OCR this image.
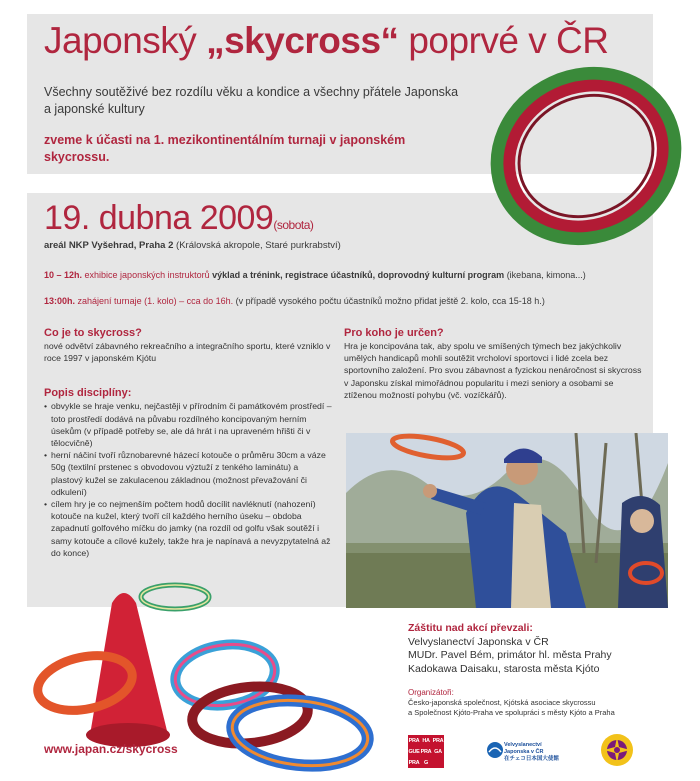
Japonský „skycross“ poprvé v ČR

Všechny soutěživé bez rozdílu věku a kondice a všechny přátele Japonska a japonské kultury

zveme k účasti na 1. mezikontinentálním turnaji v japonském skycrossu.

19. dubna 2009(sobota)
areál NKP Vyšehrad, Praha 2 (Královská akropole, Staré purkrabství)
10 – 12h. exhibice japonských instruktorů výklad a trénink, registrace účastníků, doprovodný kulturní program (ikebana, kimona...)
13:00h. zahájení turnaje (1. kolo) – cca do 16h. (v případě vysokého počtu účastníků možno přidat ještě 2. kolo, cca 15-18 h.)
Co je to skycross?

nové odvětví zábavného rekreačního a integračního sportu, které vzniklo v roce 1997 v japonském Kjótu

Popis disciplíny:
• obvykle se hraje venku, nejčastěji v přírodním či památkovém prostředí – toto prostředí dodává na půvabu rozdílného koncipovaným herním úsekům (v případě potřeby se, ale dá hrát i na upraveném hřišti či v tělocvičně)
• herní náčiní tvoří různobarevné házecí kotouče o průměru 30cm a váze 50g (textilní prstenec s obvodovou výztuží z tenkého laminátu) a plastový kužel se zakulacenou základnou (možnost převažování či odkulení)
• cílem hry je co nejmenším počtem hodů docílit navléknutí (nahození) kotouče na kužel, který tvoří cíl každého herního úseku – obdoba zapadnutí golfového míčku do jamky (na rozdíl od golfu však soutěží i samy kotouče a cílové kužely, takže hra je napínavá a nevyzpytatelná až do konce)
Pro koho je určen?

Hra je koncipována tak, aby spolu ve smíšených týmech bez jakýchkoliv umělých handicapů mohli soutěžit vrcholoví sportovci i lidé zcela bez sportovního založení. Pro svou zábavnost a fyzickou nenáročnost si skycross v Japonsku získal mimořádnou popularitu i mezi seniory a osobami se ztíženou možností pohybu (vč. vozíčkářů).

www.japan.cz/skycross
Záštitu nad akcí převzali:
Velvyslanectví Japonska v ČR
MUDr. Pavel Bém, primátor hl. města Prahy
Kadokawa Daisaku, starosta města Kjóto
Organizátoři:
Česko-japonská společnost, Kjótská asociace skycrossu
a Společnost Kjóto-Praha ve spolupráci s městy Kjóto a Praha
PRA HA PRA
GUE PRA GA
PRA G
Velvyslanectví
Japonska v ČR
在チェコ日本国大使館
